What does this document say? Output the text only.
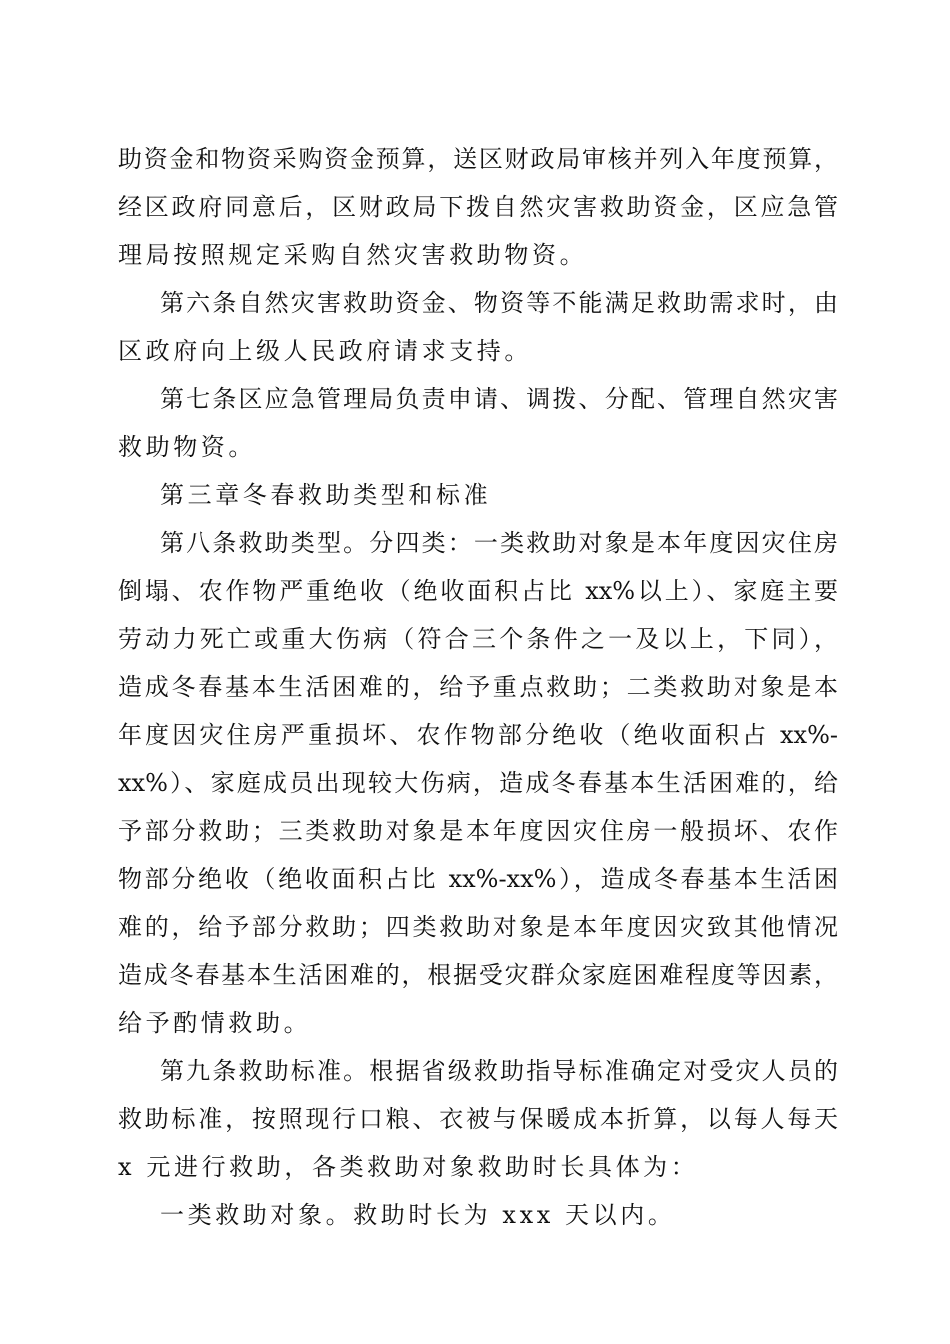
助资金和物资采购资金预算，送区财政局审核并列入年度预算，
经区政府同意后，区财政局下拨自然灾害救助资金，区应急管
理局按照规定采购自然灾害救助物资。
第六条自然灾害救助资金、物资等不能满足救助需求时，由
区政府向上级人民政府请求支持。
第七条区应急管理局负责申请、调拨、分配、管理自然灾害
救助物资。
第三章冬春救助类型和标准
第八条救助类型。分四类：一类救助对象是本年度因灾住房
倒塌、农作物严重绝收（绝收面积占比 xx%以上）、家庭主要
劳动力死亡或重大伤病（符合三个条件之一及以上，下同），
造成冬春基本生活困难的，给予重点救助；二类救助对象是本
年度因灾住房严重损坏、农作物部分绝收（绝收面积占 xx%-
xx%）、家庭成员出现较大伤病，造成冬春基本生活困难的，给
予部分救助；三类救助对象是本年度因灾住房一般损坏、农作
物部分绝收（绝收面积占比 xx%-xx%），造成冬春基本生活困
难的，给予部分救助；四类救助对象是本年度因灾致其他情况
造成冬春基本生活困难的，根据受灾群众家庭困难程度等因素，
给予酌情救助。
第九条救助标准。根据省级救助指导标准确定对受灾人员的
救助标准，按照现行口粮、衣被与保暖成本折算，以每人每天
x 元进行救助，各类救助对象救助时长具体为：
一类救助对象。救助时长为 xxx 天以内。
